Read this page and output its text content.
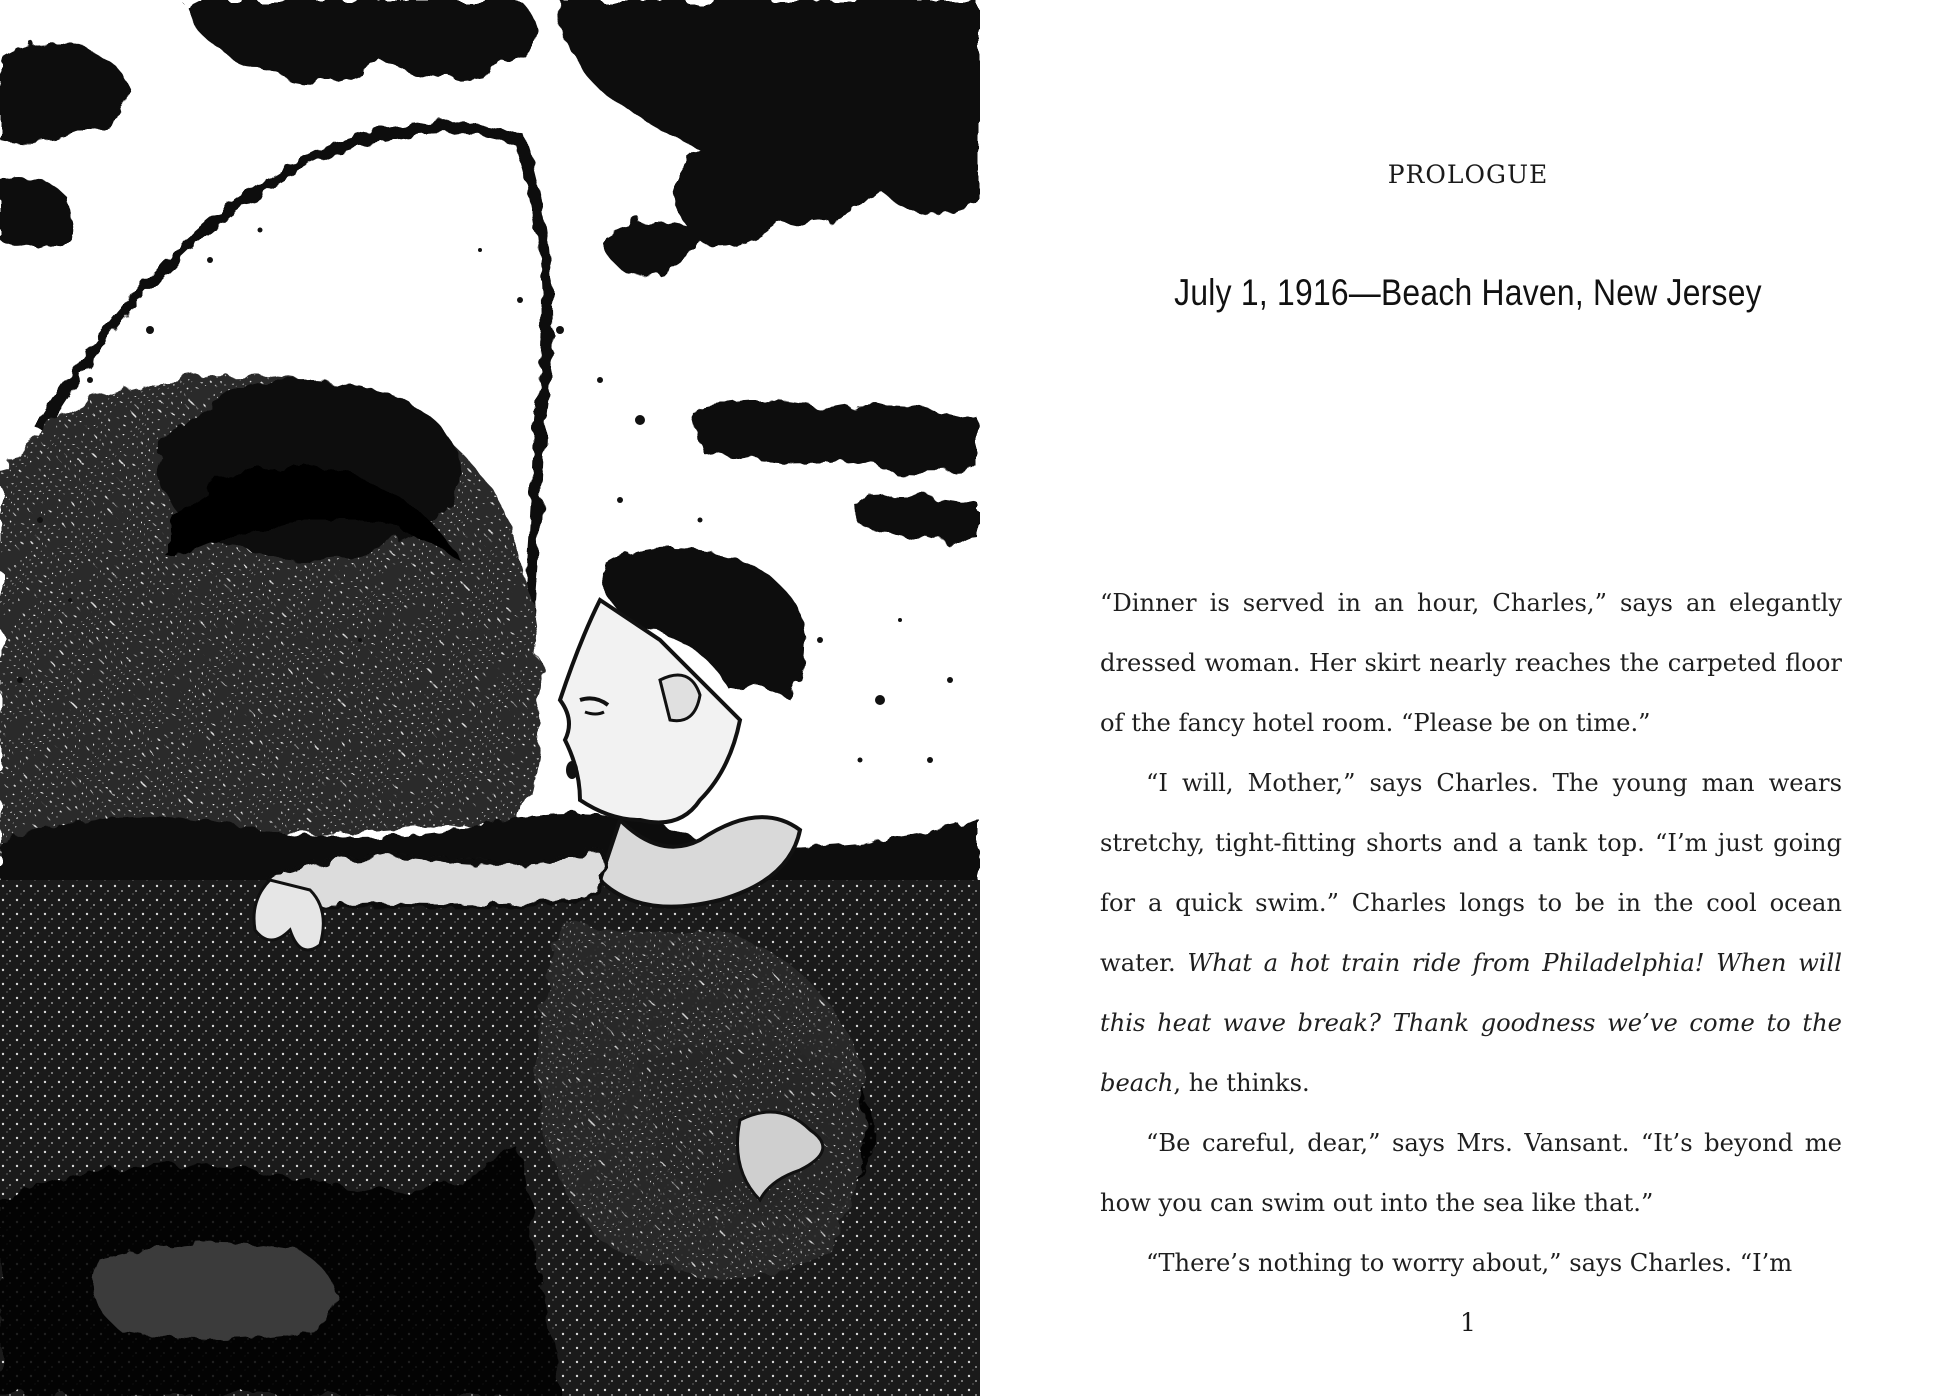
PROLOGUE
July 1, 1916—Beach Haven, New Jersey

“Dinner is served in an hour, Charles,” says an elegantly dressed woman. Her skirt nearly reaches the carpeted floor of the fancy hotel room. “Please be on time.”

“I will, Mother,” says Charles. The young man wears stretchy, tight-fitting shorts and a tank top. “I’m just going for a quick swim.” Charles longs to be in the cool ocean water. What a hot train ride from Philadelphia! When will this heat wave break? Thank goodness we’ve come to the beach, he thinks.

“Be careful, dear,” says Mrs. Vansant. “It’s beyond me how you can swim out into the sea like that.”

“There’s nothing to worry about,” says Charles. “I’m

1
